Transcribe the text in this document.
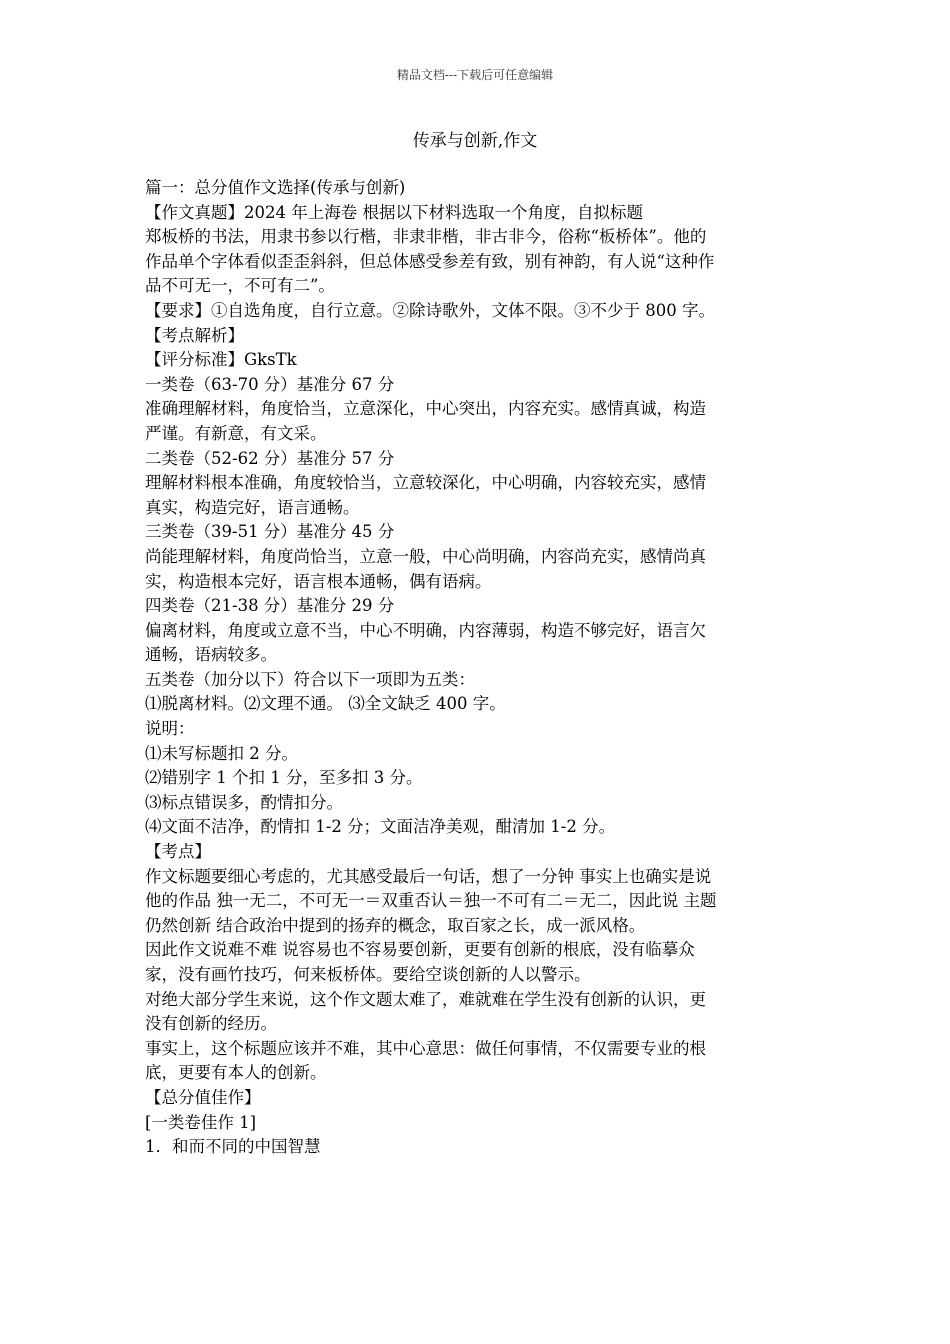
精品文档---下载后可任意编辑
传承与创新,作文
篇一：总分值作文选择(传承与创新)
【作文真题】2024 年上海卷 根据以下材料选取一个角度，自拟标题
郑板桥的书法，用隶书参以行楷，非隶非楷，非古非今，俗称“板桥体”。他的
作品单个字体看似歪歪斜斜，但总体感受参差有致，别有神韵，有人说“这种作
品不可无一，不可有二”。
【要求】①自选角度，自行立意。②除诗歌外，文体不限。③不少于 800 字。
【考点解析】
【评分标准】GksTk
一类卷（63-70 分）基准分 67 分
准确理解材料，角度恰当，立意深化，中心突出，内容充实。感情真诚，构造
严谨。有新意，有文采。
二类卷（52-62 分）基准分 57 分
理解材料根本准确，角度较恰当，立意较深化，中心明确，内容较充实，感情
真实，构造完好，语言通畅。
三类卷（39-51 分）基准分 45 分
尚能理解材料，角度尚恰当，立意一般，中心尚明确，内容尚充实，感情尚真
实，构造根本完好，语言根本通畅，偶有语病。
四类卷（21-38 分）基准分 29 分
偏离材料，角度或立意不当，中心不明确，内容薄弱，构造不够完好，语言欠
通畅，语病较多。
五类卷（加分以下）符合以下一项即为五类：
⑴脱离材料。⑵文理不通。 ⑶全文缺乏 400 字。
说明：
⑴未写标题扣 2 分。
⑵错别字 1 个扣 1 分，至多扣 3 分。
⑶标点错误多，酌情扣分。
⑷文面不洁净，酌情扣 1-2 分；文面洁净美观，酣清加 1-2 分。
【考点】
作文标题要细心考虑的，尤其感受最后一句话，想了一分钟 事实上也确实是说
他的作品 独一无二，不可无一＝双重否认＝独一不可有二＝无二，因此说 主题
仍然创新 结合政治中提到的扬弃的概念，取百家之长，成一派风格。
因此作文说难不难 说容易也不容易要创新，更要有创新的根底，没有临摹众
家，没有画竹技巧，何来板桥体。要给空谈创新的人以警示。
对绝大部分学生来说，这个作文题太难了，难就难在学生没有创新的认识，更
没有创新的经历。
事实上，这个标题应该并不难，其中心意思：做任何事情，不仅需要专业的根
底，更要有本人的创新。
【总分值佳作】
[一类卷佳作 1]
1．和而不同的中国智慧
